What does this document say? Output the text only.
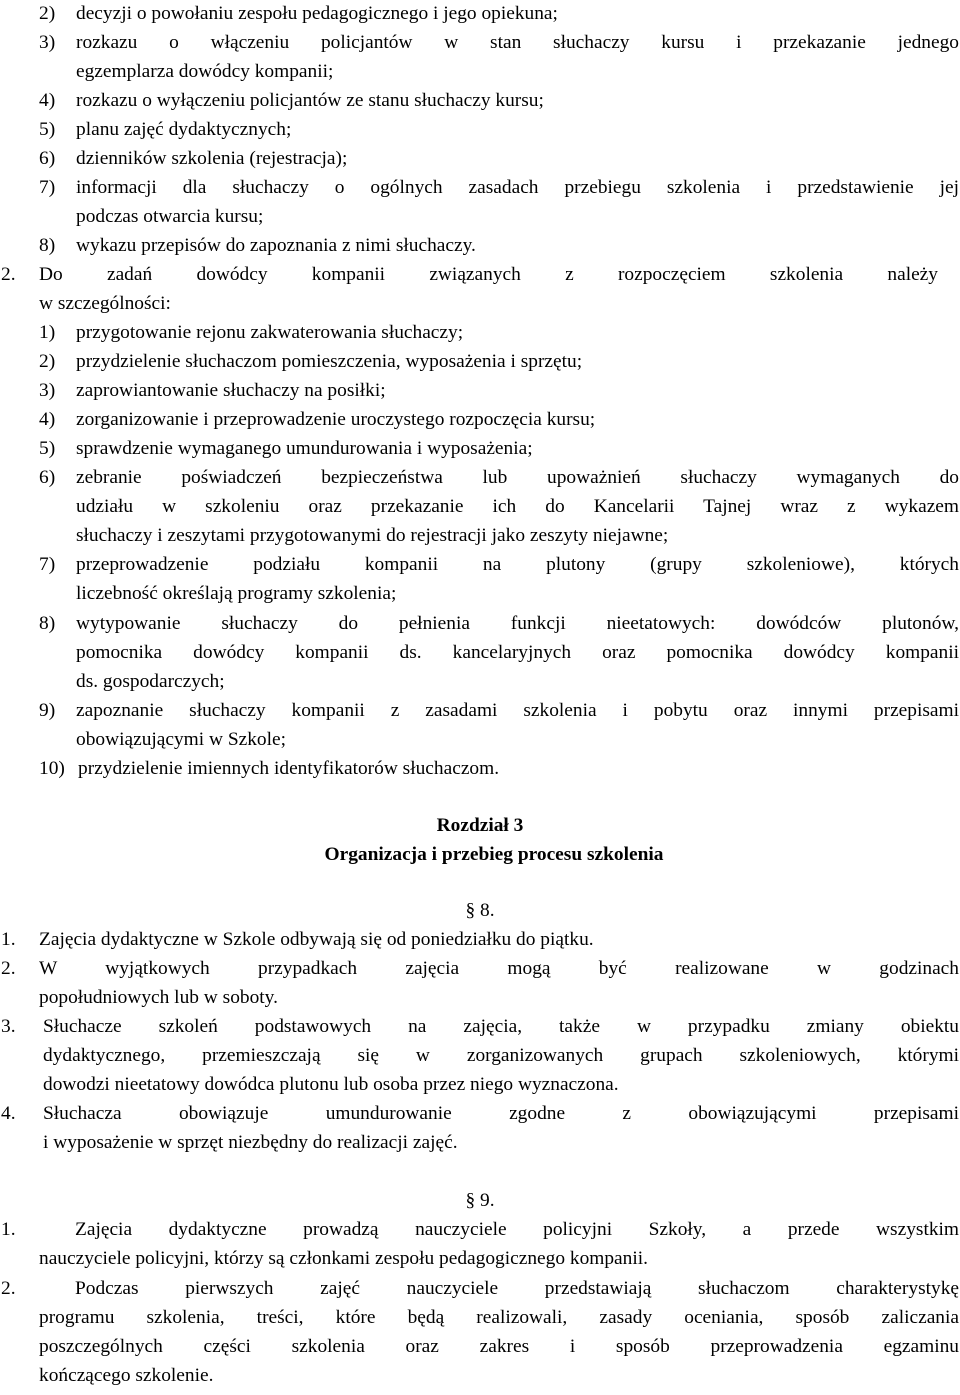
2) decyzji o powołaniu zespołu pedagogicznego i jego opiekuna;
3) rozkazu o włączeniu policjantów w stan słuchaczy kursu i przekazanie jednego
egzemplarza dowódcy kompanii;
4) rozkazu o wyłączeniu policjantów ze stanu słuchaczy kursu;
5) planu zajęć dydaktycznych;
6) dzienników szkolenia (rejestracja);
7) informacji dla słuchaczy o ogólnych zasadach przebiegu szkolenia i przedstawienie jej
podczas otwarcia kursu;
8) wykazu przepisów do zapoznania z nimi słuchaczy.
2. Do zadań dowódcy kompanii związanych z rozpoczęciem szkolenia należy
w szczególności:
1) przygotowanie rejonu zakwaterowania słuchaczy;
2) przydzielenie słuchaczom pomieszczenia, wyposażenia i sprzętu;
3) zaprowiantowanie słuchaczy na posiłki;
4) zorganizowanie i przeprowadzenie uroczystego rozpoczęcia kursu;
5) sprawdzenie wymaganego umundurowania i wyposażenia;
6) zebranie poświadczeń bezpieczeństwa lub upoważnień słuchaczy wymaganych do
udziału w szkoleniu oraz przekazanie ich do Kancelarii Tajnej wraz z wykazem
słuchaczy i zeszytami przygotowanymi do rejestracji jako zeszyty niejawne;
7) przeprowadzenie podziału kompanii na plutony (grupy szkoleniowe), których
liczebność określają programy szkolenia;
8) wytypowanie słuchaczy do pełnienia funkcji nieetatowych: dowódców plutonów,
pomocnika dowódcy kompanii ds. kancelaryjnych oraz pomocnika dowódcy kompanii
ds. gospodarczych;
9) zapoznanie słuchaczy kompanii z zasadami szkolenia i pobytu oraz innymi przepisami
obowiązującymi w Szkole;
10) przydzielenie imiennych identyfikatorów słuchaczom.
Rozdział 3
Organizacja i przebieg procesu szkolenia
§ 8.
1. Zajęcia dydaktyczne w Szkole odbywają się od poniedziałku do piątku.
2. W wyjątkowych przypadkach zajęcia mogą być realizowane w godzinach
popołudniowych lub w soboty.
3. Słuchacze szkoleń podstawowych na zajęcia, także w przypadku zmiany obiektu
dydaktycznego, przemieszczają się w zorganizowanych grupach szkoleniowych, którymi
dowodzi nieetatowy dowódca plutonu lub osoba przez niego wyznaczona.
4. Słuchacza obowiązuje umundurowanie zgodne z obowiązującymi przepisami
i wyposażenie w sprzęt niezbędny do realizacji zajęć.
§ 9.
1.	Zajęcia dydaktyczne prowadzą nauczyciele policyjni Szkoły, a przede wszystkim
nauczyciele policyjni, którzy są członkami zespołu pedagogicznego kompanii.
2.	Podczas pierwszych zajęć nauczyciele przedstawiają słuchaczom charakterystykę
programu szkolenia, treści, które będą realizowali, zasady oceniania, sposób zaliczania
poszczególnych części szkolenia oraz zakres i sposób przeprowadzenia egzaminu
kończącego szkolenie.
